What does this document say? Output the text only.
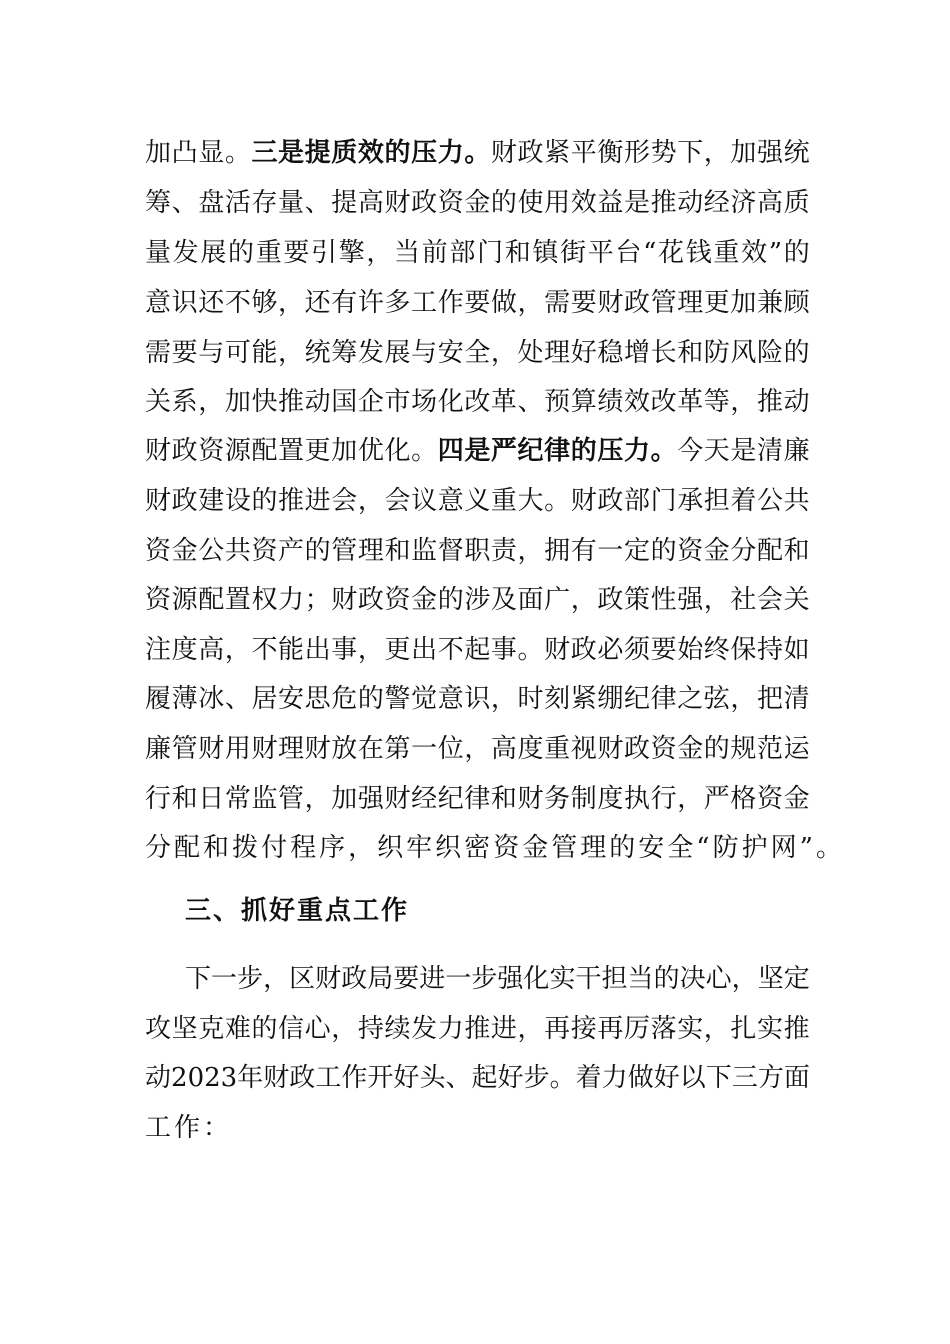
加 凸 显 。 三 是 提 质 效 的 压 力 。 财 政 紧 平 衡 形 势 下 ， 加 强 统
筹 、 盘 活 存 量 、 提 高 财 政 资 金 的 使 用 效 益 是 推 动 经 济 高 质
量 发 展 的 重 要 引 擎 ， 当 前 部 门 和 镇 街 平 台 “ 花 钱 重 效 ” 的
意 识 还 不 够 ， 还 有 许 多 工 作 要 做 ， 需 要 财 政 管 理 更 加 兼 顾
需 要 与 可 能 ， 统 筹 发 展 与 安 全 ， 处 理 好 稳 增 长 和 防 风 险 的
关 系 ， 加 快 推 动 国 企 市 场 化 改 革 、 预 算 绩 效 改 革 等 ， 推 动
财 政 资 源 配 置 更 加 优 化 。 四 是 严 纪 律 的 压 力 。 今 天 是 清 廉
财 政 建 设 的 推 进 会 ， 会 议 意 义 重 大 。 财 政 部 门 承 担 着 公 共
资 金 公 共 资 产 的 管 理 和 监 督 职 责 ， 拥 有 一 定 的 资 金 分 配 和
资 源 配 置 权 力 ； 财 政 资 金 的 涉 及 面 广 ， 政 策 性 强 ， 社 会 关
注 度 高 ， 不 能 出 事 ， 更 出 不 起 事 。 财 政 必 须 要 始 终 保 持 如
履 薄 冰 、 居 安 思 危 的 警 觉 意 识 ， 时 刻 紧 绷 纪 律 之 弦 ， 把 清
廉 管 财 用 财 理 财 放 在 第 一 位 ， 高 度 重 视 财 政 资 金 的 规 范 运
行 和 日 常 监 管 ， 加 强 财 经 纪 律 和 财 务 制 度 执 行 ， 严 格 资 金
分 配 和 拨 付 程 序 ， 织 牢 织 密 资 金 管 理 的 安 全 “ 防 护 网 ” 。
三、抓好重点工作
下 一 步 ， 区 财 政 局 要 进 一 步 强 化 实 干 担 当 的 决 心 ， 坚 定
攻 坚 克 难 的 信 心 ， 持 续 发 力 推 进 ， 再 接 再 厉 落 实 ， 扎 实 推
动 2023 年 财 政 工 作 开 好 头 、 起 好 步 。 着 力 做 好 以 下 三 方 面
工 作 ：
